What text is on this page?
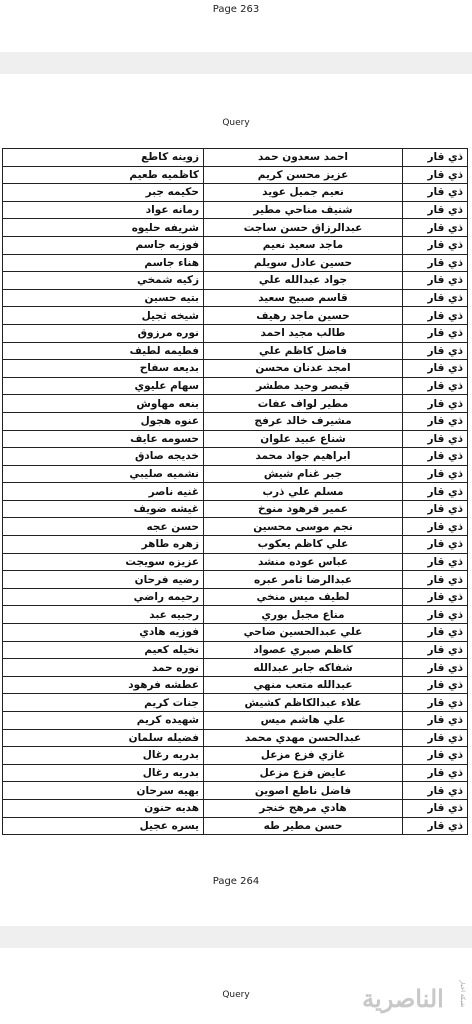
Page 263
Query
ذي قار	احمد سعدون حمد	زوينه كاطع
ذي قار	عزيز محسن كريم	كاظميه طعيم
ذي قار	نعيم جميل عويد	حكيمه جبر
ذي قار	شنيف مناحي مطير	رمانه عواد
ذي قار	عبدالرزاق حسن ساجت	شريفه حليوه
ذي قار	ماجد سعيد نعيم	فوزيه جاسم
ذي قار	حسين عادل سويلم	هناء جاسم
ذي قار	جواد عبدالله علي	زكيه شمخي
ذي قار	قاسم صبيح سعيد	بتيه حسين
ذي قار	حسين ماجد رهيف	شيخه ثجيل
ذي قار	طالب مجيد احمد	نوره مرزوق
ذي قار	فاضل كاظم علي	فطيمه لطيف
ذي قار	امجد عدنان محسن	بديعه سفاح
ذي قار	قيصر وحيد مطشر	سهام عليوي
ذي قار	مطير لواف عفات	بنعه مهاوش
ذي قار	مشيرف خالد عرفج	عنوه هجول
ذي قار	شناع عبيد علوان	حسومه عايف
ذي قار	ابراهيم جواد محمد	خديجه صادق
ذي قار	جبر غنام شيش	نشميه صليبي
ذي قار	مسلم علي ذرب	غنيه ناصر
ذي قار	عمير فرهود منوخ	غيشه ضويف
ذي قار	نجم موسى محسين	حسن عجه
ذي قار	علي كاظم يعكوب	زهره طاهر
ذي قار	عباس عوده منشد	عزيزه سويجت
ذي قار	عبدالرضا ثامر عبره	رضيه فرحان
ذي قار	لطيف ميس منخي	رحيمه راضي
ذي قار	مناع مجبل بوري	رجبيه عبد
ذي قار	علي عبدالحسين ضاحي	فوزيه هادي
ذي قار	كاظم صبري عصواد	نخيله كعيم
ذي قار	شفاكه جابر عبدالله	نوره حمد
ذي قار	عبدالله متعب منهي	عطشه فرهود
ذي قار	علاء عبدالكاظم كشيش	جنات كريم
ذي قار	علي هاشم ميس	شهيده كريم
ذي قار	عبدالحسن مهدي محمد	فضيله سلمان
ذي قار	غازي فزع مزعل	بدريه رغال
ذي قار	عايض فزع مزعل	بدريه رغال
ذي قار	فاضل ناطع اصوين	بهيه سرحان
ذي قار	هادي مرهج خنجر	هديه حنون
ذي قار	حسن مطير طه	يسره عجيل
Page 264
Query	الناصرية	شبكة اخبار
